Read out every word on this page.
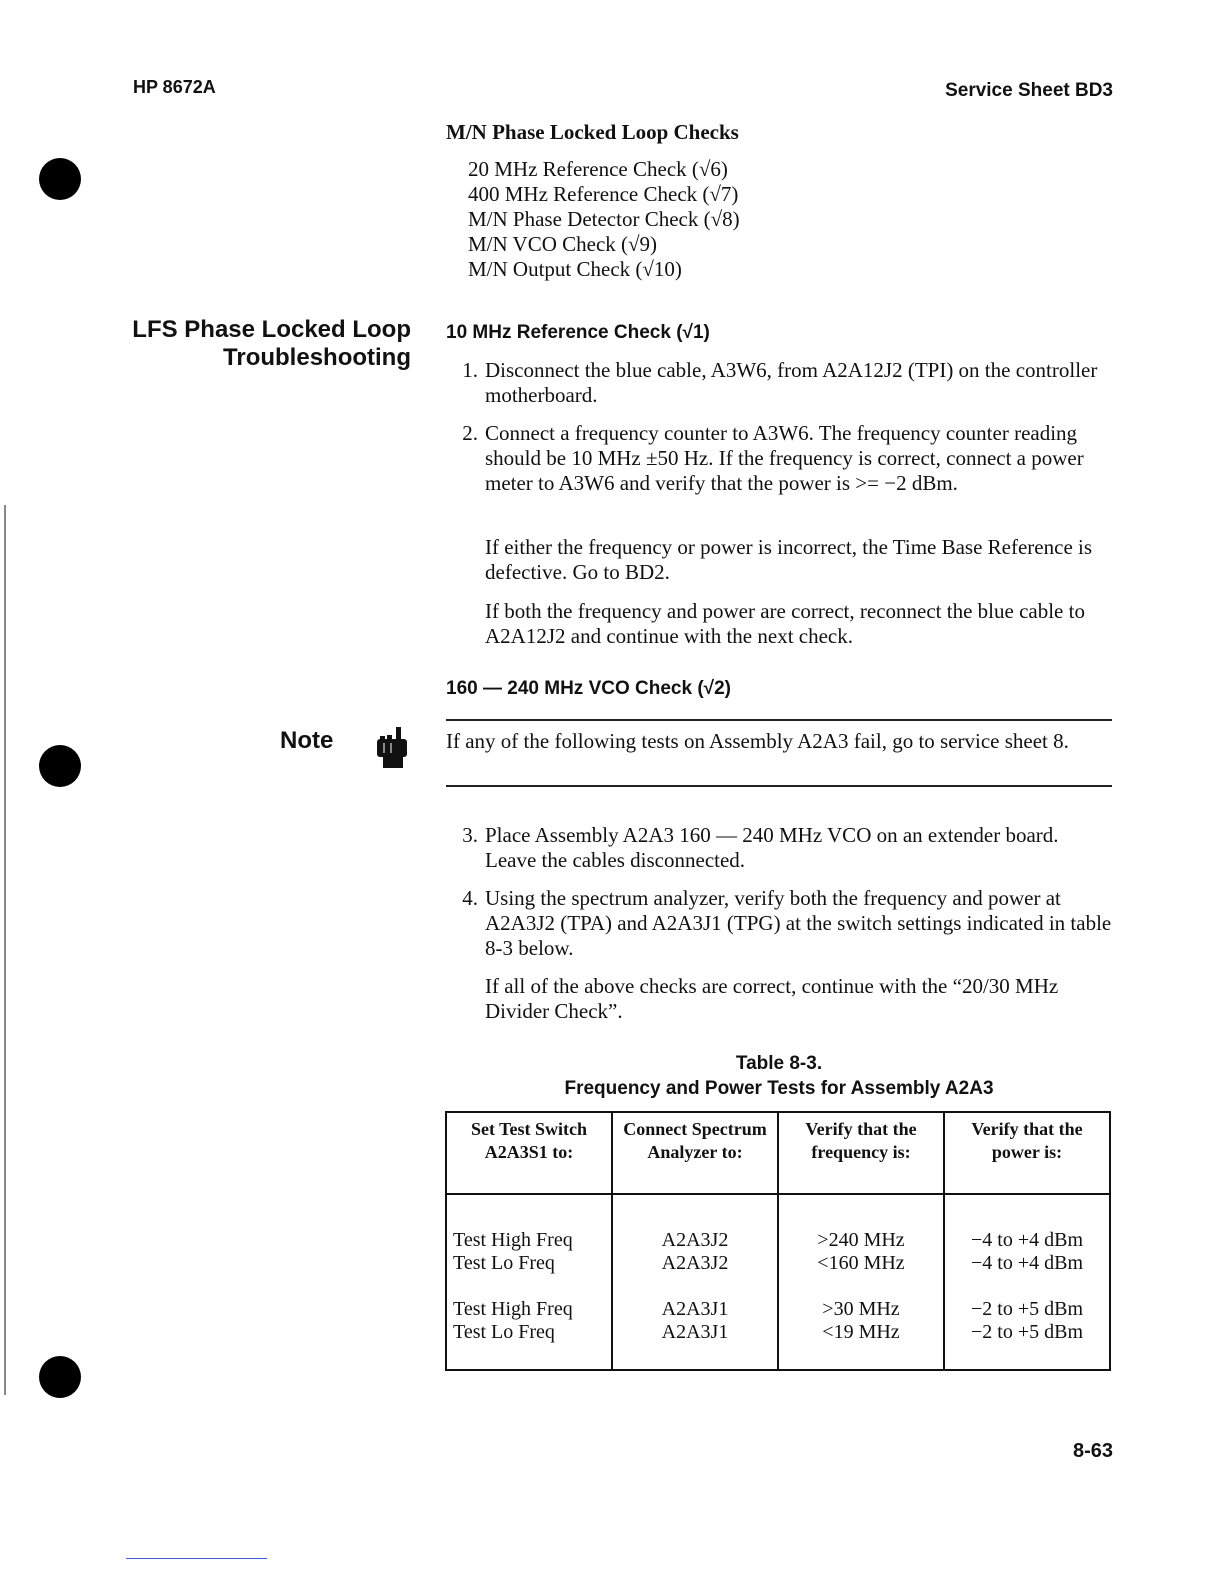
HP 8672A	Service Sheet BD3
M/N Phase Locked Loop Checks
20 MHz Reference Check (√6)
400 MHz Reference Check (√7)
M/N Phase Detector Check (√8)
M/N VCO Check (√9)
M/N Output Check (√10)
LFS Phase Locked Loop
Troubleshooting
10 MHz Reference Check (√1)
1. Disconnect the blue cable, A3W6, from A2A12J2 (TPI) on the controller motherboard.
2. Connect a frequency counter to A3W6. The frequency counter reading should be 10 MHz ±50 Hz. If the frequency is correct, connect a power meter to A3W6 and verify that the power is >= −2 dBm.
If either the frequency or power is incorrect, the Time Base Reference is defective. Go to BD2.
If both the frequency and power are correct, reconnect the blue cable to A2A12J2 and continue with the next check.
160 — 240 MHz VCO Check (√2)
Note	If any of the following tests on Assembly A2A3 fail, go to service sheet 8.
3. Place Assembly A2A3 160 — 240 MHz VCO on an extender board. Leave the cables disconnected.
4. Using the spectrum analyzer, verify both the frequency and power at A2A3J2 (TPA) and A2A3J1 (TPG) at the switch settings indicated in table 8-3 below.
If all of the above checks are correct, continue with the “20/30 MHz Divider Check”.
Table 8-3.
Frequency and Power Tests for Assembly A2A3
Set Test Switch A2A3S1 to:	Connect Spectrum Analyzer to:	Verify that the frequency is:	Verify that the power is:
Test High Freq	A2A3J2	>240 MHz	−4 to +4 dBm
Test Lo Freq	A2A3J2	<160 MHz	−4 to +4 dBm
Test High Freq	A2A3J1	>30 MHz	−2 to +5 dBm
Test Lo Freq	A2A3J1	<19 MHz	−2 to +5 dBm
8-63
